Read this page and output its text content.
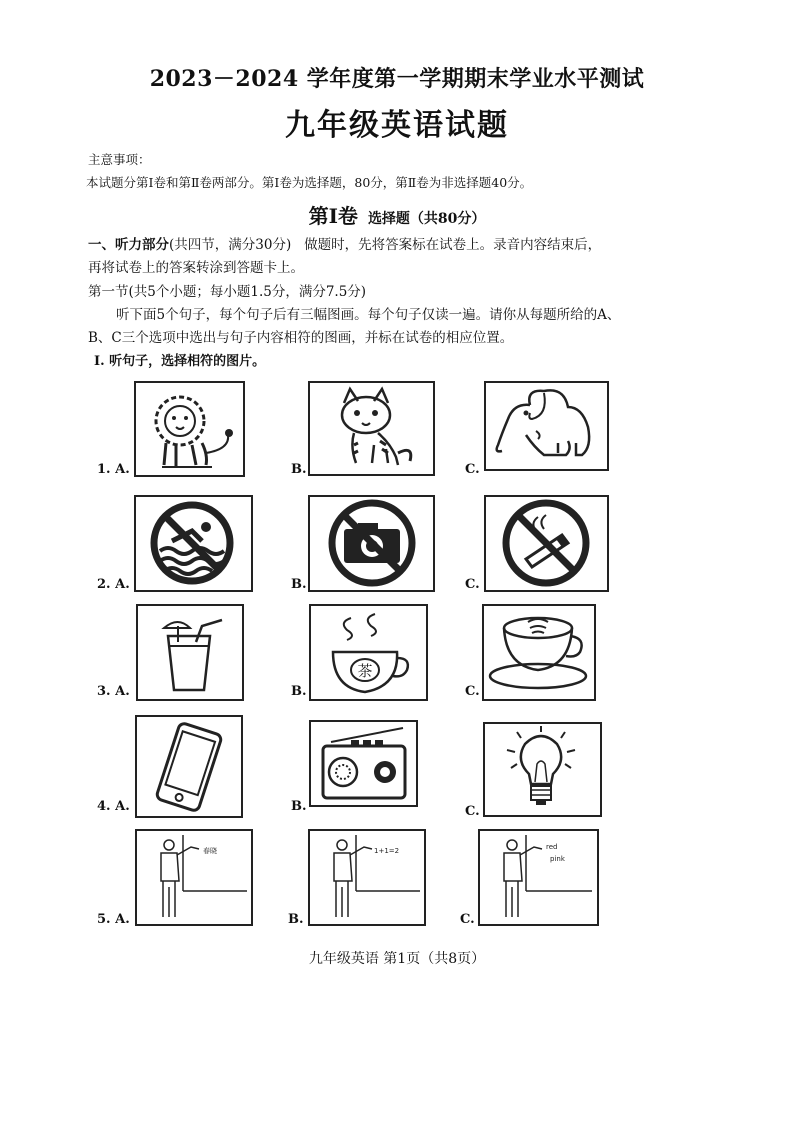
2023－2024 学年度第一学期期末学业水平测试
九年级英语试题
主意事项：
本试题分第Ⅰ卷和第Ⅱ卷两部分。第Ⅰ卷为选择题，80分，第Ⅱ卷为非选择题40分。
第Ⅰ卷 选择题（共80分）
一、听力部分(共四节，满分30分) 做题时，先将答案标在试卷上。录音内容结束后，
再将试卷上的答案转涂到答题卡上。
第一节(共5个小题；每小题1.5分，满分7.5分)
听下面5个句子，每个句子后有三幅图画。每个句子仅读一遍。请你从每题所给的A、
B、C三个选项中选出与句子内容相符的图画，并标在试卷的相应位置。
Ⅰ. 听句子，选择相符的图片。
1. A.	B.	C.
2. A.	B.	C.
3. A.	B.
茶
C.
4. A.	B.	C.
5. A.
春晓
B.
1+1=2
C.
red
pink
九年级英语 第1页（共8页）
